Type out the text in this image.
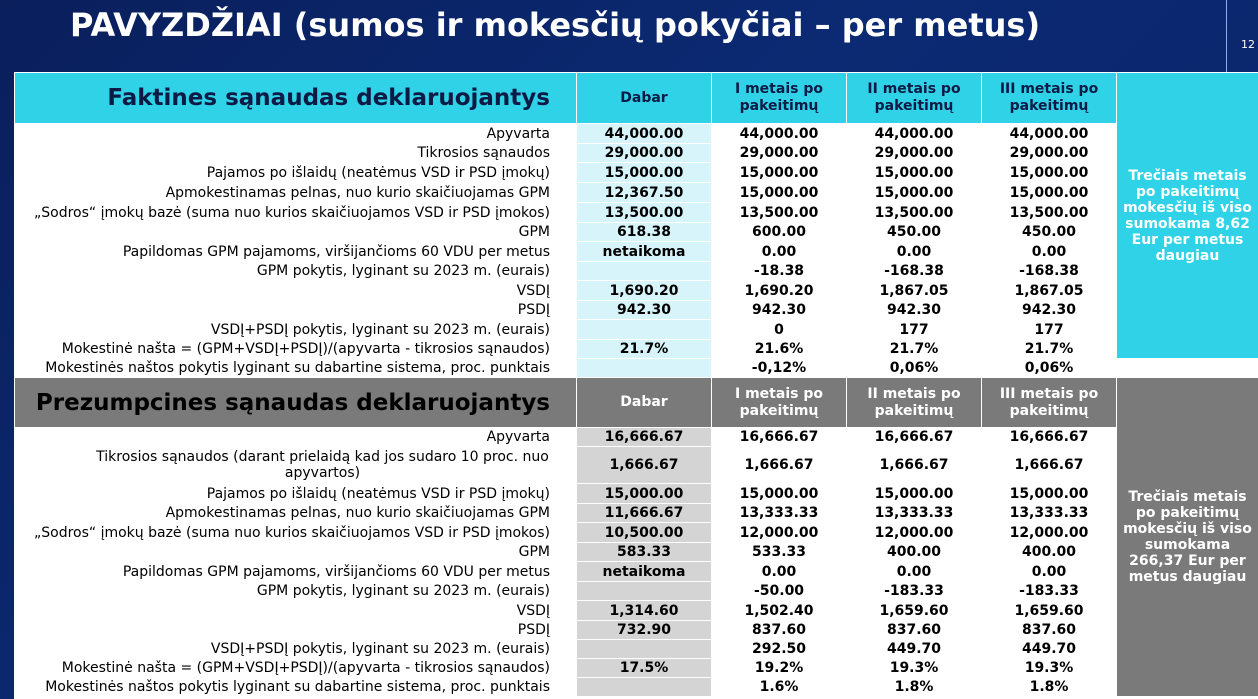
PAVYZDŽIAI (sumos ir mokesčių pokyčiai – per metus)
12
Faktines sąnaudas deklaruojantys	Dabar	I metais po pakeitimų	II metais po pakeitimų	III metais po pakeitimų	Trečiais metais po pakeitimų mokesčių iš viso sumokama 8,62 Eur per metus daugiau
Apyvarta	44,000.00	44,000.00	44,000.00	44,000.00	
Tikrosios sąnaudos	29,000.00	29,000.00	29,000.00	29,000.00	
Pajamos po išlaidų (neatėmus VSD ir PSD įmokų)	15,000.00	15,000.00	15,000.00	15,000.00	
Apmokestinamas pelnas, nuo kurio skaičiuojamas GPM	12,367.50	15,000.00	15,000.00	15,000.00	
„Sodros“ įmokų bazė (suma nuo kurios skaičiuojamos VSD ir PSD įmokos)	13,500.00	13,500.00	13,500.00	13,500.00	
GPM	618.38	600.00	450.00	450.00	
Papildomas GPM pajamoms, viršijančioms 60 VDU per metus	netaikoma	0.00	0.00	0.00	
GPM pokytis, lyginant su 2023 m. (eurais)		-18.38	-168.38	-168.38	
VSDĮ	1,690.20	1,690.20	1,867.05	1,867.05	
PSDĮ	942.30	942.30	942.30	942.30	
VSDĮ+PSDĮ pokytis, lyginant su 2023 m. (eurais)		0	177	177	
Mokestinė našta = (GPM+VSDĮ+PSDĮ)/(apyvarta - tikrosios sąnaudos)	21.7%	21.6%	21.7%	21.7%	
Mokestinės naštos pokytis lyginant su dabartine sistema, proc. punktais		-0,12%	0,06%	0,06%	
Prezumpcines sąnaudas deklaruojantys	Dabar	I metais po pakeitimų	II metais po pakeitimų	III metais po pakeitimų	Trečiais metais po pakeitimų mokesčių iš viso sumokama 266,37 Eur per metus daugiau
Apyvarta	16,666.67	16,666.67	16,666.67	16,666.67	
Tikrosios sąnaudos (darant prielaidą kad jos sudaro 10 proc. nuo apyvartos)	1,666.67	1,666.67	1,666.67	1,666.67	
Pajamos po išlaidų (neatėmus VSD ir PSD įmokų)	15,000.00	15,000.00	15,000.00	15,000.00	
Apmokestinamas pelnas, nuo kurio skaičiuojamas GPM	11,666.67	13,333.33	13,333.33	13,333.33	
„Sodros“ įmokų bazė (suma nuo kurios skaičiuojamos VSD ir PSD įmokos)	10,500.00	12,000.00	12,000.00	12,000.00	
GPM	583.33	533.33	400.00	400.00	
Papildomas GPM pajamoms, viršijančioms 60 VDU per metus	netaikoma	0.00	0.00	0.00	
GPM pokytis, lyginant su 2023 m. (eurais)		-50.00	-183.33	-183.33	
VSDĮ	1,314.60	1,502.40	1,659.60	1,659.60	
PSDĮ	732.90	837.60	837.60	837.60	
VSDĮ+PSDĮ pokytis, lyginant su 2023 m. (eurais)		292.50	449.70	449.70	
Mokestinė našta = (GPM+VSDĮ+PSDĮ)/(apyvarta - tikrosios sąnaudos)	17.5%	19.2%	19.3%	19.3%	
Mokestinės naštos pokytis lyginant su dabartine sistema, proc. punktais		1.6%	1.8%	1.8%	
